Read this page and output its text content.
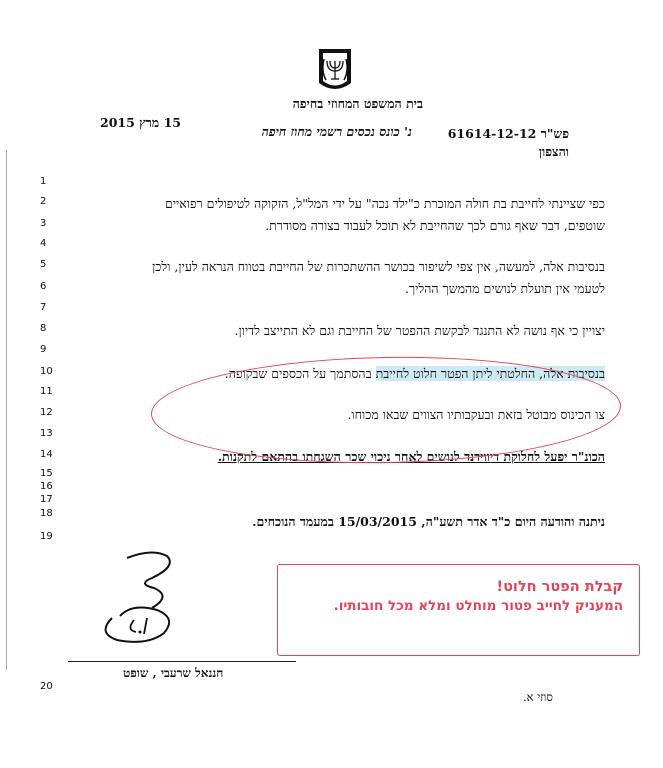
בית המשפט המחוזי בחיפה
נ' כונס נכסים רשמי מחוז חיפה
15 מרץ 2015
פש"ר 61614-12-12
והצפון
1
2
3
4
5
6
7
8
9
10
11
12
13
14
15
16
17
18
19
20
כפי שציינתי לחייבת בת חולה המוכרת כ"ילד נכה" על ידי המל"ל, הזקוקה לטיפולים רפואיים
שוטפים, דבר שאף גורם לכך שהחייבת לא תוכל לעבוד בצורה מסודרת.
בנסיבות אלה, למעשה, אין צפי לשיפור בכושר ההשתכרות של החייבת בטווח הנראה לעין, ולכן
לטעמי אין תועלת לנושים מהמשך ההליך.
יצויין כי אף נושה לא התנגד לבקשת ההפטר של החייבת וגם לא התייצב לדיון.
בנסיבות אלה, החלטתי ליתן הפטר חלוט לחייבת בהסתמך על הכספים שבקופה.
צו הכינוס מבוטל בזאת ובעקבותיו הצווים שבאו מכוחו.
הכונ"ר יפעל לחלוקת דיווידנד לנושים לאחר ניכוי שכר השגחתו בהתאם לתקנות.
ניתנה והודעה היום כ"ד אדר תשע"ה, 15/03/2015 במעמד הנוכחים.
חננאל שרעבי , שופט
סוזי א.
קבלת הפטר חלוט!
המעניק לחייב פטור מוחלט ומלא מכל חובותיו.
